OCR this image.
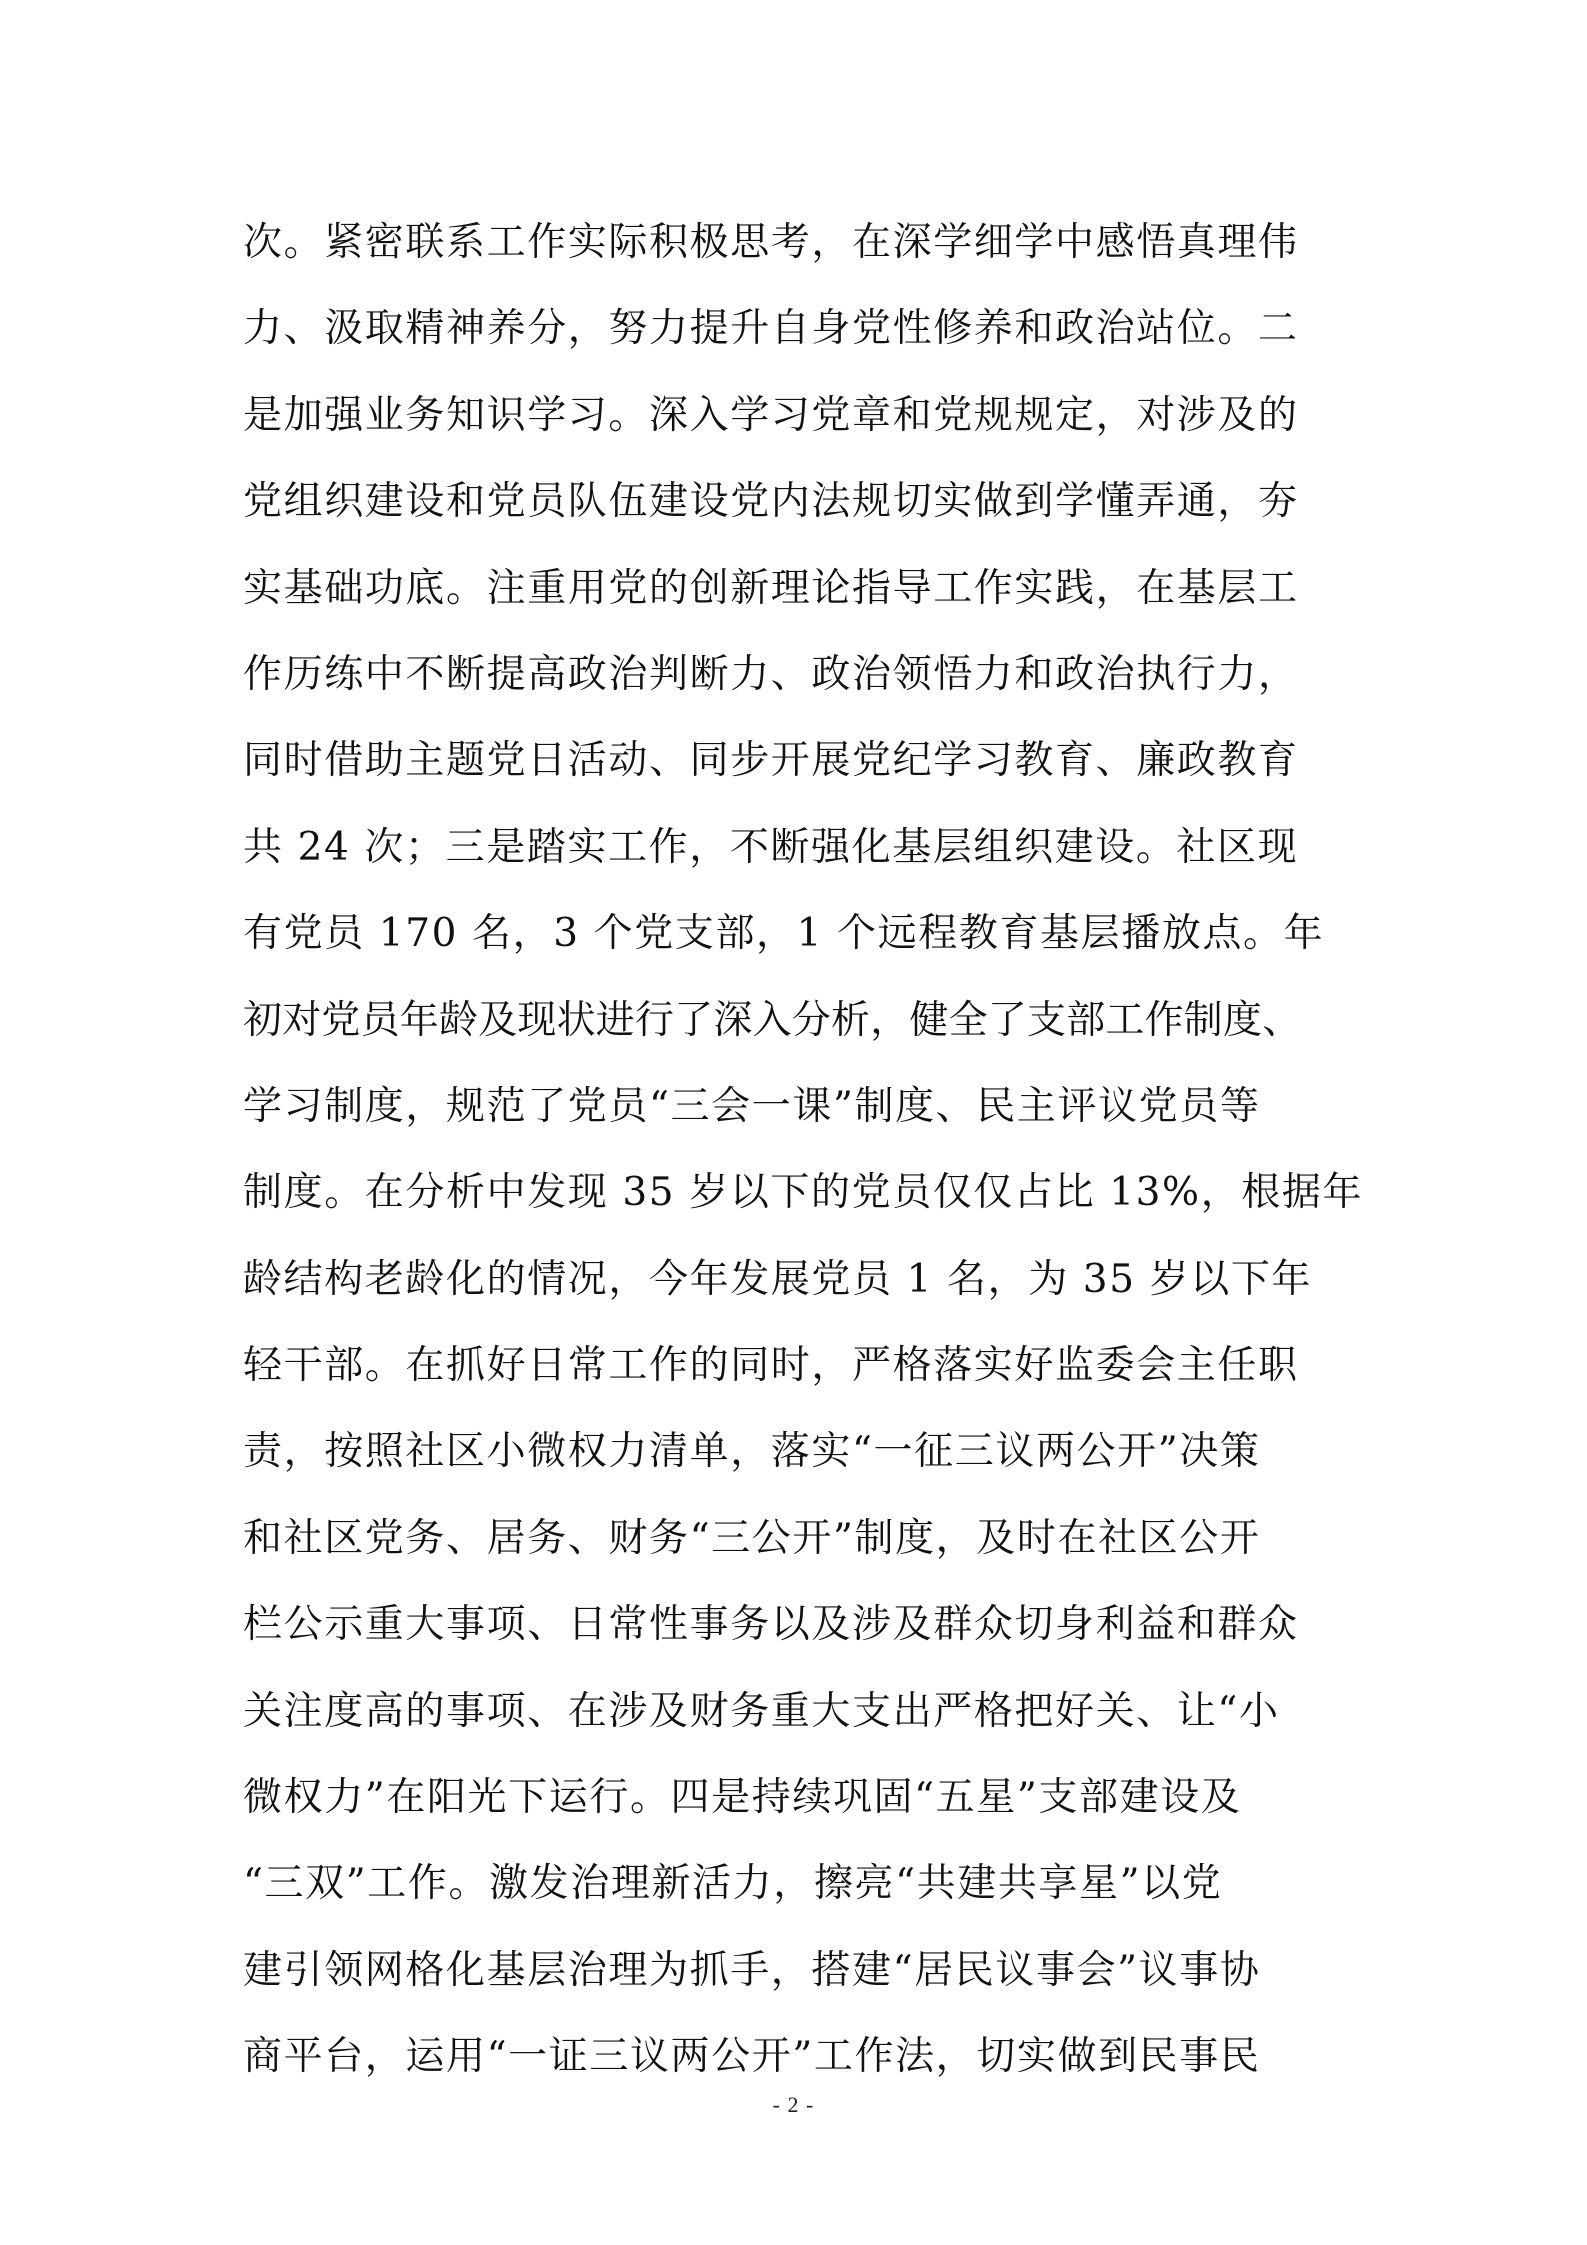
次。紧密联系工作实际积极思考，在深学细学中感悟真理伟
力、汲取精神养分，努力提升自身党性修养和政治站位。二
是加强业务知识学习。深入学习党章和党规规定，对涉及的
党组织建设和党员队伍建设党内法规切实做到学懂弄通，夯
实基础功底。注重用党的创新理论指导工作实践，在基层工
作历练中不断提高政治判断力、政治领悟力和政治执行力，
同时借助主题党日活动、同步开展党纪学习教育、廉政教育
共 24 次；三是踏实工作，不断强化基层组织建设。社区现
有党员 170 名，3 个党支部，1 个远程教育基层播放点。年
初对党员年龄及现状进行了深入分析，健全了支部工作制度、
学习制度，规范了党员“三会一课”制度、民主评议党员等
制度。在分析中发现 35 岁以下的党员仅仅占比 13%，根据年
龄结构老龄化的情况，今年发展党员 1 名，为 35 岁以下年
轻干部。在抓好日常工作的同时，严格落实好监委会主任职
责，按照社区小微权力清单，落实“一征三议两公开”决策
和社区党务、居务、财务“三公开”制度，及时在社区公开
栏公示重大事项、日常性事务以及涉及群众切身利益和群众
关注度高的事项、在涉及财务重大支出严格把好关、让“小
微权力”在阳光下运行。四是持续巩固“五星”支部建设及
“三双”工作。激发治理新活力，擦亮“共建共享星”以党
建引领网格化基层治理为抓手，搭建“居民议事会”议事协
商平台，运用“一证三议两公开”工作法，切实做到民事民
- 2 -
